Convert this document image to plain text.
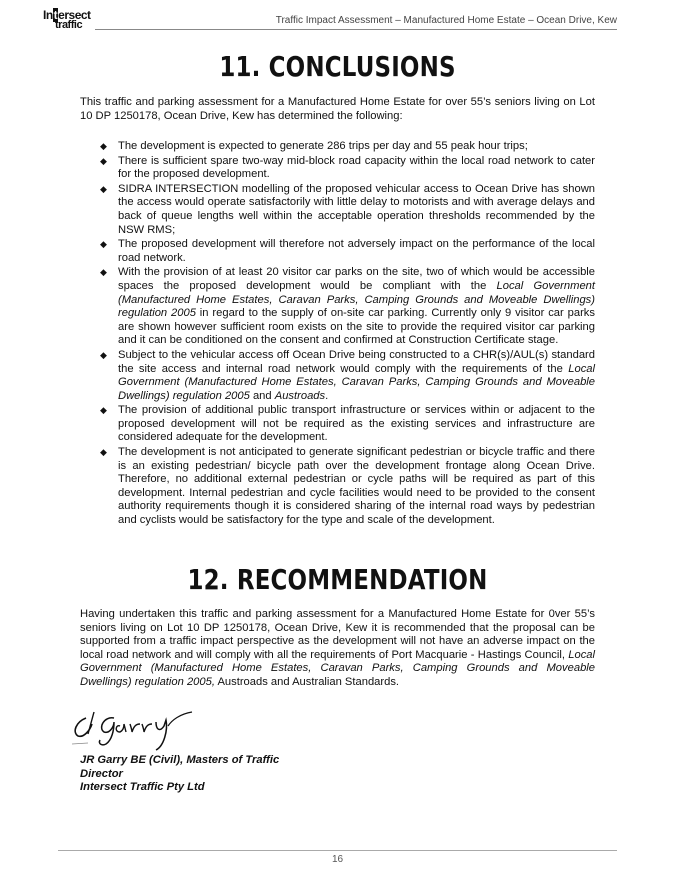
Intersect
traffic	Traffic Impact Assessment – Manufactured Home Estate – Ocean Drive, Kew
11. CONCLUSIONS
This traffic and parking assessment for a Manufactured Home Estate for over 55’s seniors living on Lot 10 DP 1250178, Ocean Drive, Kew has determined the following:
◆ The development is expected to generate 286 trips per day and 55 peak hour trips;
◆ There is sufficient spare two-way mid-block road capacity within the local road network to cater for the proposed development.
◆ SIDRA INTERSECTION modelling of the proposed vehicular access to Ocean Drive has shown the access would operate satisfactorily with little delay to motorists and with average delays and back of queue lengths well within the acceptable operation thresholds recommended by the NSW RMS;
◆ The proposed development will therefore not adversely impact on the performance of the local road network.
◆ With the provision of at least 20 visitor car parks on the site, two of which would be accessible spaces the proposed development would be compliant with the Local Government (Manufactured Home Estates, Caravan Parks, Camping Grounds and Moveable Dwellings) regulation 2005 in regard to the supply of on-site car parking. Currently only 9 visitor car parks are shown however sufficient room exists on the site to provide the required visitor car parking and it can be conditioned on the consent and confirmed at Construction Certificate stage.
◆ Subject to the vehicular access off Ocean Drive being constructed to a CHR(s)/AUL(s) standard the site access and internal road network would comply with the requirements of the Local Government (Manufactured Home Estates, Caravan Parks, Camping Grounds and Moveable Dwellings) regulation 2005 and Austroads.
◆ The provision of additional public transport infrastructure or services within or adjacent to the proposed development will not be required as the existing services and infrastructure are considered adequate for the development.
◆ The development is not anticipated to generate significant pedestrian or bicycle traffic and there is an existing pedestrian/ bicycle path over the development frontage along Ocean Drive. Therefore, no additional external pedestrian or cycle paths will be required as part of this development. Internal pedestrian and cycle facilities would need to be provided to the consent authority requirements though it is considered sharing of the internal road ways by pedestrian and cyclists would be satisfactory for the type and scale of the development.
12. RECOMMENDATION
Having undertaken this traffic and parking assessment for a Manufactured Home Estate for 0ver 55’s seniors living on Lot 10 DP 1250178, Ocean Drive, Kew it is recommended that the proposal can be supported from a traffic impact perspective as the development will not have an adverse impact on the local road network and will comply with all the requirements of Port Macquarie - Hastings Council, Local Government (Manufactured Home Estates, Caravan Parks, Camping Grounds and Moveable Dwellings) regulation 2005, Austroads and Australian Standards.
JR Garry BE (Civil), Masters of Traffic
Director
Intersect Traffic Pty Ltd
16
